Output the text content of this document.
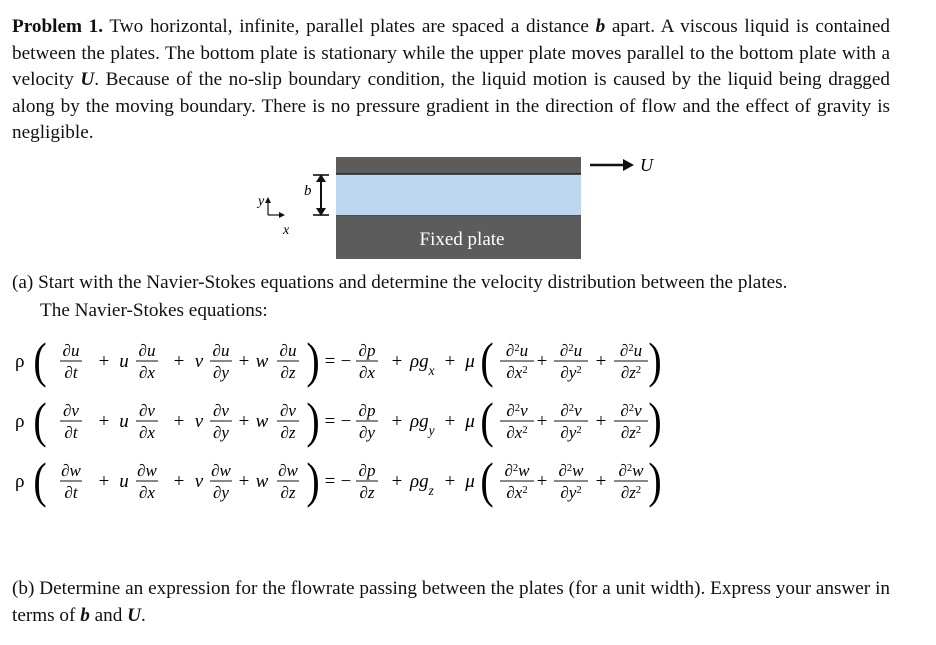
Problem 1. Two horizontal, infinite, parallel plates are spaced a distance b apart. A viscous liquid is contained between the plates. The bottom plate is stationary while the upper plate moves parallel to the bottom plate with a velocity U. Because of the no-slip boundary condition, the liquid motion is caused by the liquid being dragged along by the moving boundary. There is no pressure gradient in the direction of flow and the effect of gravity is negligible.

Fixed plate
U
b
y
x

(a) Start with the Navier-Stokes equations and determine the velocity distribution between the plates.

The Navier-Stokes equations:

ρ ( ∂u
∂t
+ u
∂u
∂x
+ v
∂u
∂y
+ w
∂u
∂z ) = −
∂p
∂x
+ $\rho g_x + \mu$ ( ∂$^2$u
$\partial x^2$ +
∂$^2$u
$\partial y^2$ +
∂$^2$u
$\partial z^2$ )
ρ ( ∂v
∂t
+ u
∂v
∂x
+ v
∂v
∂y
+ w
∂v
∂z ) = −
∂p
∂y
+ $\rho g_y + \mu$ ( ∂$^2$v
$\partial x^2$ +
∂$^2$v
$\partial y^2$ +
∂$^2$v
$\partial z^2$ )
ρ ( ∂w
∂t
+ u
∂w
∂x
+ v
∂w
∂y
+ w
∂w
∂z ) = −
∂p
∂z
+ $\rho g_z + \mu$ ( ∂$^2$w
$\partial x^2$ +
∂$^2$w
$\partial y^2$ +
∂$^2$w
$\partial z^2$ )

(b) Determine an expression for the flowrate passing between the plates (for a unit width). Express your answer in terms of b and U.
